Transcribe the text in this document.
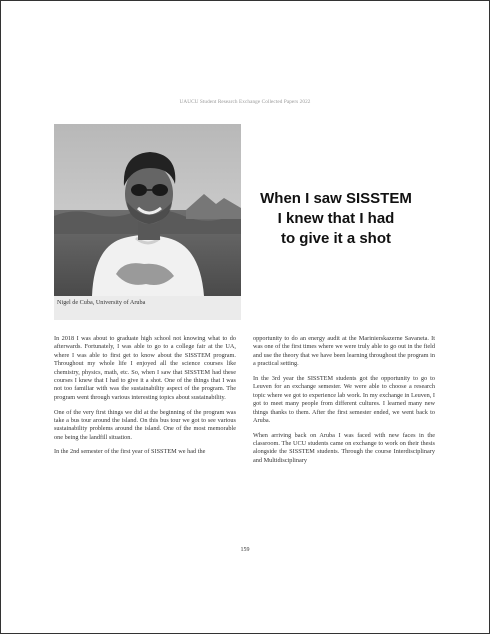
UAUCU Student Research Exchange Collected Papers 2022
Nigel de Cuba, University of Aruba
When I saw SISSTEM
I knew that I had
to give it a shot

In 2018 I was about to graduate high school not knowing what to do afterwards. Fortunately, I was able to go to a college fair at the UA, where I was able to first get to know about the SISSTEM program. Throughout my whole life I enjoyed all the science courses like chemistry, physics, math, etc. So, when I saw that SISSTEM had these courses I knew that I had to give it a shot. One of the things that I was not too familiar with was the sustainability aspect of the program. The program went through various interesting topics about sustainability.

One of the very first things we did at the beginning of the program was take a bus tour around the island. On this bus tour we got to see various sustainability problems around the island. One of the most memorable one being the landfill situation.

In the 2nd semester of the first year of SISSTEM we had the

opportunity to do an energy audit at the Marinierskazerne Savaneta. It was one of the first times where we were truly able to go out in the field and use the theory that we have been learning throughout the program in a practical setting.

In the 3rd year the SISSTEM students got the opportunity to go to Leuven for an exchange semester. We were able to choose a research topic where we got to experience lab work. In my exchange in Leuven, I got to meet many people from different cultures. I learned many new things thanks to them. After the first semester ended, we went back to Aruba.

When arriving back on Aruba I was faced with new faces in the classroom. The UCU students came on exchange to work on their thesis alongside the SISSTEM students. Through the course Interdisciplinary and Multidisciplinary

159
